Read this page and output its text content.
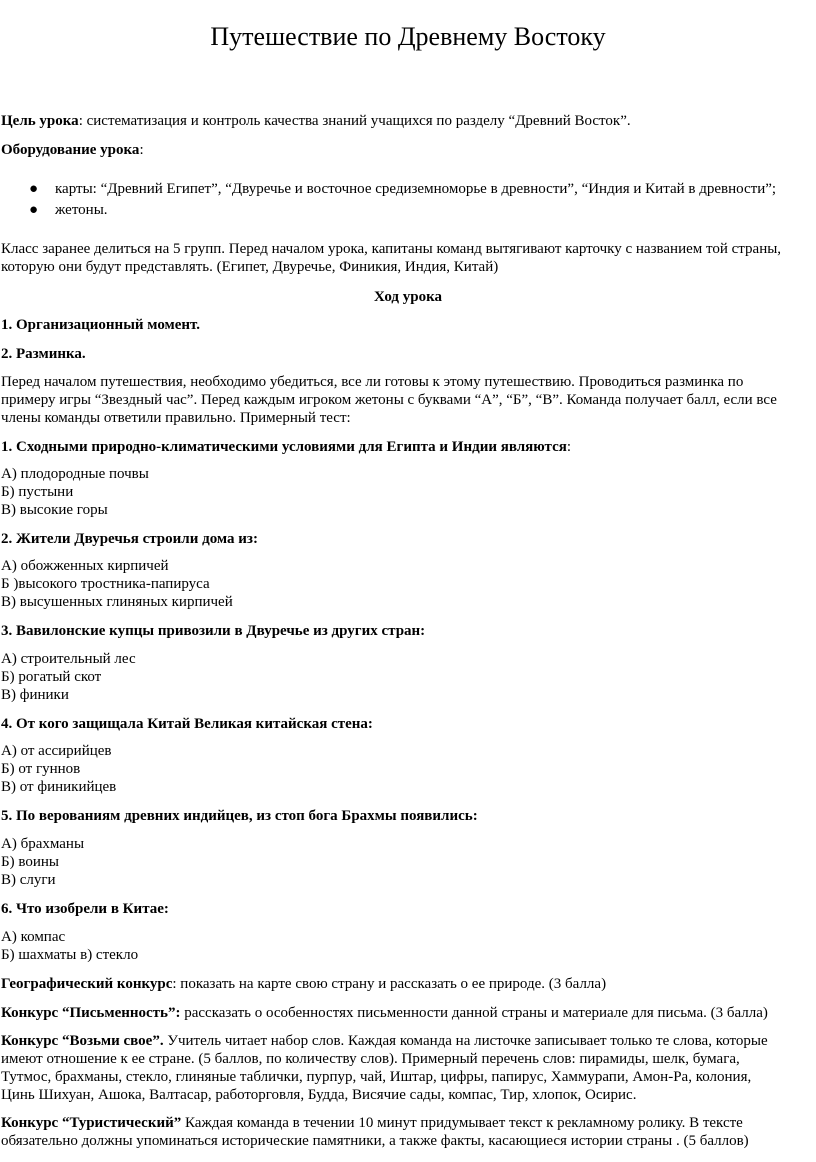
Путешествие по Древнему Востоку
Цель урока: систематизация и контроль качества знаний учащихся по разделу “Древний Восток”.
Оборудование урока:
● карты: “Древний Египет”, “Двуречье и восточное средиземноморье в древности”, “Индия и Китай в древности”;
● жетоны.
Класс заранее делиться на 5 групп. Перед началом урока, капитаны команд вытягивают карточку с названием той страны,
которую они будут представлять. (Египет, Двуречье, Финикия, Индия, Китай)
Ход урока
1. Организационный момент.
2. Разминка.
Перед началом путешествия, необходимо убедиться, все ли готовы к этому путешествию. Проводиться разминка по
примеру игры “Звездный час”. Перед каждым игроком жетоны с буквами “А”, “Б”, “В”. Команда получает балл, если все
члены команды ответили правильно. Примерный тест:
1. Сходными природно-климатическими условиями для Египта и Индии являются:
А) плодородные почвы
Б) пустыни
В) высокие горы
2. Жители Двуречья строили дома из:
А) обожженных кирпичей
Б )высокого тростника-папируса
В) высушенных глиняных кирпичей
3. Вавилонские купцы привозили в Двуречье из других стран:
А) строительный лес
Б) рогатый скот
В) финики
4. От кого защищала Китай Великая китайская стена:
А) от ассирийцев
Б) от гуннов
В) от финикийцев
5. По верованиям древних индийцев, из стоп бога Брахмы появились:
А) брахманы
Б) воины
В) слуги
6. Что изобрели в Китае:
А) компас
Б) шахматы в) стекло
Географический конкурс: показать на карте свою страну и рассказать о ее природе. (3 балла)
Конкурс “Письменность”: рассказать о особенностях письменности данной страны и материале для письма. (3 балла)
Конкурс “Возьми свое”. Учитель читает набор слов. Каждая команда на листочке записывает только те слова, которые
имеют отношение к ее стране. (5 баллов, по количеству слов). Примерный перечень слов: пирамиды, шелк, бумага,
Тутмос, брахманы, стекло, глиняные таблички, пурпур, чай, Иштар, цифры, папирус, Хаммурапи, Амон-Ра, колония,
Цинь Шихуан, Ашока, Валтасар, работорговля, Будда, Висячие сады, компас, Тир, хлопок, Осирис.
Конкурс “Туристический” Каждая команда в течении 10 минут придумывает текст к рекламному ролику. В тексте
обязательно должны упоминаться исторические памятники, а также факты, касающиеся истории страны . (5 баллов)
